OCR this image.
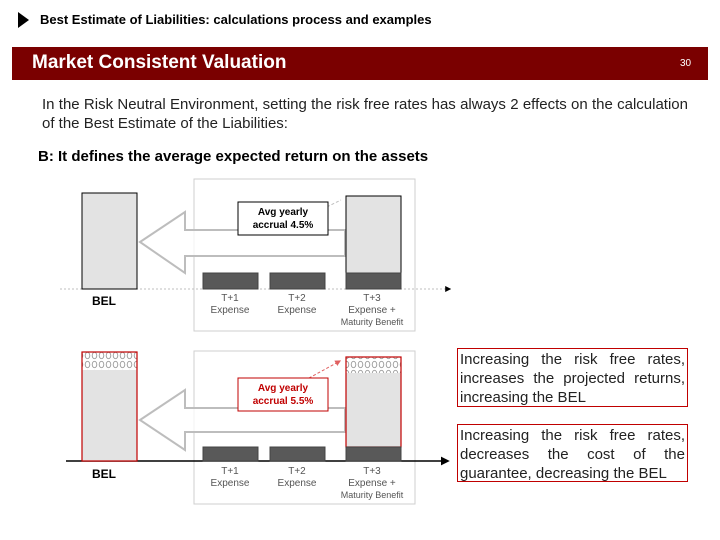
Best Estimate of Liabilities: calculations process and examples
Market Consistent Valuation	30
In the Risk Neutral Environment, setting the risk free rates has always 2 effects on the calculation of the Best Estimate of the Liabilities:
B: It defines the average expected return on the assets
Avg yearly
accrual 4.5%
BEL	T+1
Expense
T+2
Expense
T+3
Expense +
Maturity Benefit
Avg yearly
accrual 5.5%
BEL	T+1
Expense
T+2
Expense
T+3
Expense +
Maturity Benefit
Increasing the risk free rates, increases the projected returns, increasing the BEL
Increasing the risk free rates, decreases the cost of the guarantee, decreasing the BEL
